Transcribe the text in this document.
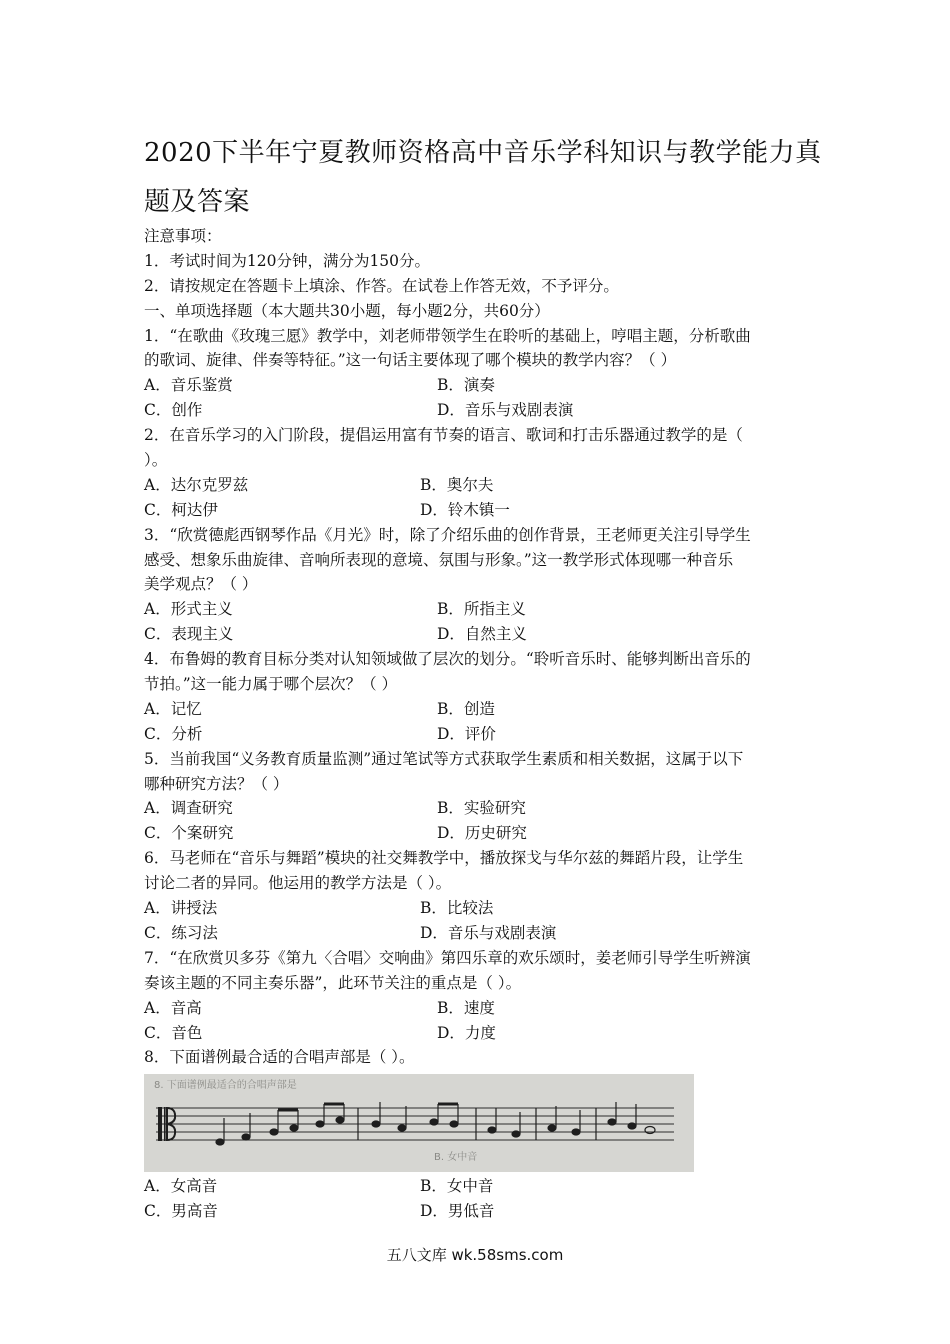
2020下半年宁夏教师资格高中音乐学科知识与教学能力真
题及答案
注意事项：
1．考试时间为120分钟，满分为150分。
2．请按规定在答题卡上填涂、作答。在试卷上作答无效，不予评分。
一、单项选择题（本大题共30小题，每小题2分，共60分）
1．“在歌曲《玫瑰三愿》教学中，刘老师带领学生在聆听的基础上，哼唱主题，分析歌曲
的歌词、旋律、伴奏等特征。”这一句话主要体现了哪个模块的教学内容？（ ）
A．音乐鉴赏	B．演奏
C．创作	D．音乐与戏剧表演
2．在音乐学习的入门阶段，提倡运用富有节奏的语言、歌词和打击乐器通过教学的是（
）。
A．达尔克罗兹	B．奥尔夫
C．柯达伊	D．铃木镇一
3．“欣赏德彪西钢琴作品《月光》时，除了介绍乐曲的创作背景，王老师更关注引导学生
感受、想象乐曲旋律、音响所表现的意境、氛围与形象。”这一教学形式体现哪一种音乐
美学观点？（ ）
A．形式主义	B．所指主义
C．表现主义	D．自然主义
4．布鲁姆的教育目标分类对认知领域做了层次的划分。“聆听音乐时、能够判断出音乐的
节拍。”这一能力属于哪个层次？（ ）
A．记忆	B．创造
C．分析	D．评价
5．当前我国“义务教育质量监测”通过笔试等方式获取学生素质和相关数据，这属于以下
哪种研究方法？（ ）
A．调查研究	B．实验研究
C．个案研究	D．历史研究
6．马老师在“音乐与舞蹈”模块的社交舞教学中，播放探戈与华尔兹的舞蹈片段，让学生
讨论二者的异同。他运用的教学方法是（ ）。
A．讲授法	B．比较法
C．练习法	D．音乐与戏剧表演
7．“在欣赏贝多芬《第九〈合唱〉交响曲》第四乐章的欢乐颂时，姜老师引导学生听辨演
奏该主题的不同主奏乐器”，此环节关注的重点是（ ）。
A．音高	B．速度
C．音色	D．力度
8．下面谱例最合适的合唱声部是（ ）。
8. 下面谱例最适合的合唱声部是
B. 女中音
A．女高音	B．女中音
C．男高音	D．男低音
五八文库 wk.58sms.com
